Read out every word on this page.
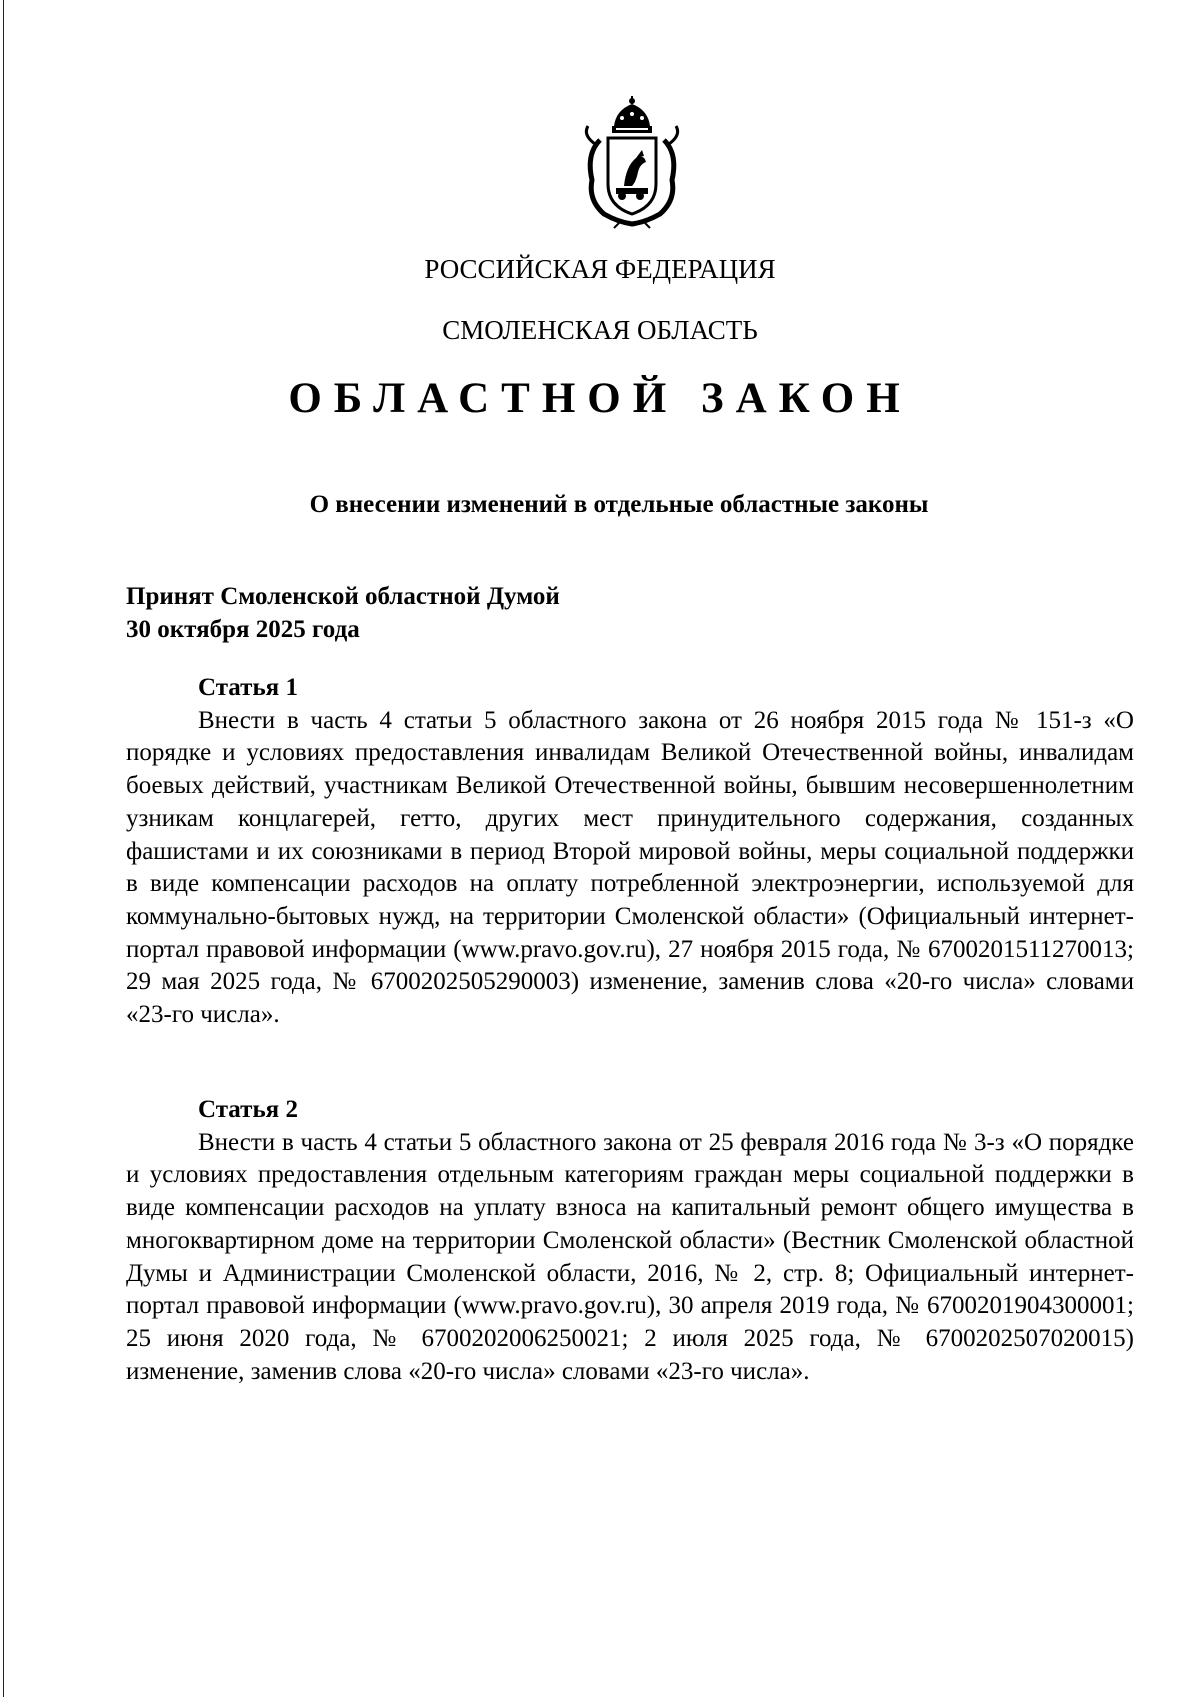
РОССИЙСКАЯ ФЕДЕРАЦИЯ
СМОЛЕНСКАЯ ОБЛАСТЬ
ОБЛАСТНОЙ ЗАКОН
О внесении изменений в отдельные областные законы
Принят Смоленской областной Думой
30 октября 2025 года
Статья 1

Внести в часть 4 статьи 5 областного закона от 26 ноября 2015 года № 151-з «О порядке и условиях предоставления инвалидам Великой Отечественной войны, инвалидам боевых действий, участникам Великой Отечественной войны, бывшим несовершеннолетним узникам концлагерей, гетто, других мест принудительного содержания, созданных фашистами и их союзниками в период Второй мировой войны, меры социальной поддержки в виде компенсации расходов на оплату потребленной электроэнергии, используемой для коммунально-бытовых нужд, на территории Смоленской области» (Официальный интернет-портал правовой информации (www.pravo.gov.ru), 27 ноября 2015 года, № 6700201511270013; 29 мая 2025 года, № 6700202505290003) изменение, заменив слова «20-го числа» словами «23-го числа».

Статья 2

Внести в часть 4 статьи 5 областного закона от 25 февраля 2016 года № 3-з «О порядке и условиях предоставления отдельным категориям граждан меры социальной поддержки в виде компенсации расходов на уплату взноса на капитальный ремонт общего имущества в многоквартирном доме на территории Смоленской области» (Вестник Смоленской областной Думы и Администрации Смоленской области, 2016, № 2, стр. 8; Официальный интернет-портал правовой информации (www.pravo.gov.ru), 30 апреля 2019 года, № 6700201904300001; 25 июня 2020 года, № 6700202006250021; 2 июля 2025 года, № 6700202507020015) изменение, заменив слова «20-го числа» словами «23-го числа».
